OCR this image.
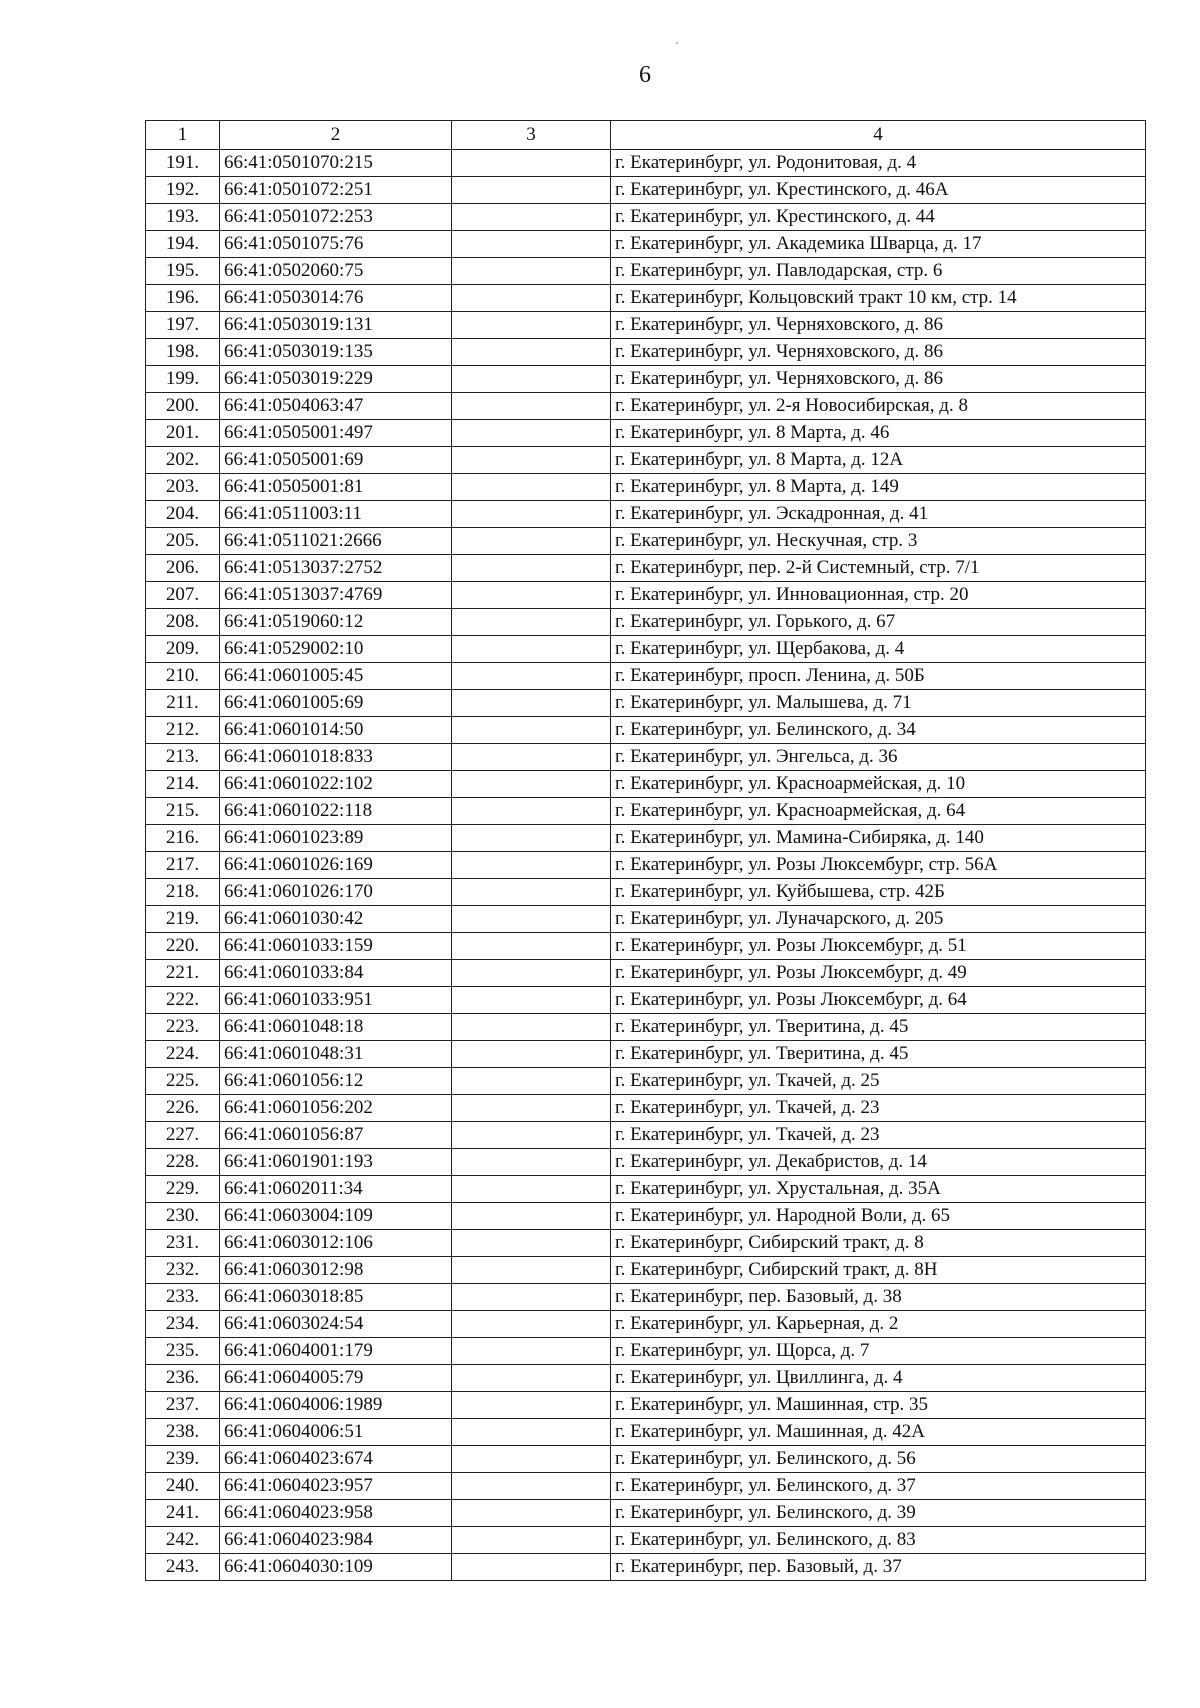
6
1	2	3	4
191.	66:41:0501070:215		г. Екатеринбург, ул. Родонитовая, д. 4
192.	66:41:0501072:251		г. Екатеринбург, ул. Крестинского, д. 46А
193.	66:41:0501072:253		г. Екатеринбург, ул. Крестинского, д. 44
194.	66:41:0501075:76		г. Екатеринбург, ул. Академика Шварца, д. 17
195.	66:41:0502060:75		г. Екатеринбург, ул. Павлодарская, стр. 6
196.	66:41:0503014:76		г. Екатеринбург, Кольцовский тракт 10 км, стр. 14
197.	66:41:0503019:131		г. Екатеринбург, ул. Черняховского, д. 86
198.	66:41:0503019:135		г. Екатеринбург, ул. Черняховского, д. 86
199.	66:41:0503019:229		г. Екатеринбург, ул. Черняховского, д. 86
200.	66:41:0504063:47		г. Екатеринбург, ул. 2-я Новосибирская, д. 8
201.	66:41:0505001:497		г. Екатеринбург, ул. 8 Марта, д. 46
202.	66:41:0505001:69		г. Екатеринбург, ул. 8 Марта, д. 12А
203.	66:41:0505001:81		г. Екатеринбург, ул. 8 Марта, д. 149
204.	66:41:0511003:11		г. Екатеринбург, ул. Эскадронная, д. 41
205.	66:41:0511021:2666		г. Екатеринбург, ул. Нескучная, стр. 3
206.	66:41:0513037:2752		г. Екатеринбург, пер. 2-й Системный, стр. 7/1
207.	66:41:0513037:4769		г. Екатеринбург, ул. Инновационная, стр. 20
208.	66:41:0519060:12		г. Екатеринбург, ул. Горького, д. 67
209.	66:41:0529002:10		г. Екатеринбург, ул. Щербакова, д. 4
210.	66:41:0601005:45		г. Екатеринбург, просп. Ленина, д. 50Б
211.	66:41:0601005:69		г. Екатеринбург, ул. Малышева, д. 71
212.	66:41:0601014:50		г. Екатеринбург, ул. Белинского, д. 34
213.	66:41:0601018:833		г. Екатеринбург, ул. Энгельса, д. 36
214.	66:41:0601022:102		г. Екатеринбург, ул. Красноармейская, д. 10
215.	66:41:0601022:118		г. Екатеринбург, ул. Красноармейская, д. 64
216.	66:41:0601023:89		г. Екатеринбург, ул. Мамина-Сибиряка, д. 140
217.	66:41:0601026:169		г. Екатеринбург, ул. Розы Люксембург, стр. 56А
218.	66:41:0601026:170		г. Екатеринбург, ул. Куйбышева, стр. 42Б
219.	66:41:0601030:42		г. Екатеринбург, ул. Луначарского, д. 205
220.	66:41:0601033:159		г. Екатеринбург, ул. Розы Люксембург, д. 51
221.	66:41:0601033:84		г. Екатеринбург, ул. Розы Люксембург, д. 49
222.	66:41:0601033:951		г. Екатеринбург, ул. Розы Люксембург, д. 64
223.	66:41:0601048:18		г. Екатеринбург, ул. Тверитина, д. 45
224.	66:41:0601048:31		г. Екатеринбург, ул. Тверитина, д. 45
225.	66:41:0601056:12		г. Екатеринбург, ул. Ткачей, д. 25
226.	66:41:0601056:202		г. Екатеринбург, ул. Ткачей, д. 23
227.	66:41:0601056:87		г. Екатеринбург, ул. Ткачей, д. 23
228.	66:41:0601901:193		г. Екатеринбург, ул. Декабристов, д. 14
229.	66:41:0602011:34		г. Екатеринбург, ул. Хрустальная, д. 35А
230.	66:41:0603004:109		г. Екатеринбург, ул. Народной Воли, д. 65
231.	66:41:0603012:106		г. Екатеринбург, Сибирский тракт, д. 8
232.	66:41:0603012:98		г. Екатеринбург, Сибирский тракт, д. 8Н
233.	66:41:0603018:85		г. Екатеринбург, пер. Базовый, д. 38
234.	66:41:0603024:54		г. Екатеринбург, ул. Карьерная, д. 2
235.	66:41:0604001:179		г. Екатеринбург, ул. Щорса, д. 7
236.	66:41:0604005:79		г. Екатеринбург, ул. Цвиллинга, д. 4
237.	66:41:0604006:1989		г. Екатеринбург, ул. Машинная, стр. 35
238.	66:41:0604006:51		г. Екатеринбург, ул. Машинная, д. 42А
239.	66:41:0604023:674		г. Екатеринбург, ул. Белинского, д. 56
240.	66:41:0604023:957		г. Екатеринбург, ул. Белинского, д. 37
241.	66:41:0604023:958		г. Екатеринбург, ул. Белинского, д. 39
242.	66:41:0604023:984		г. Екатеринбург, ул. Белинского, д. 83
243.	66:41:0604030:109		г. Екатеринбург, пер. Базовый, д. 37
